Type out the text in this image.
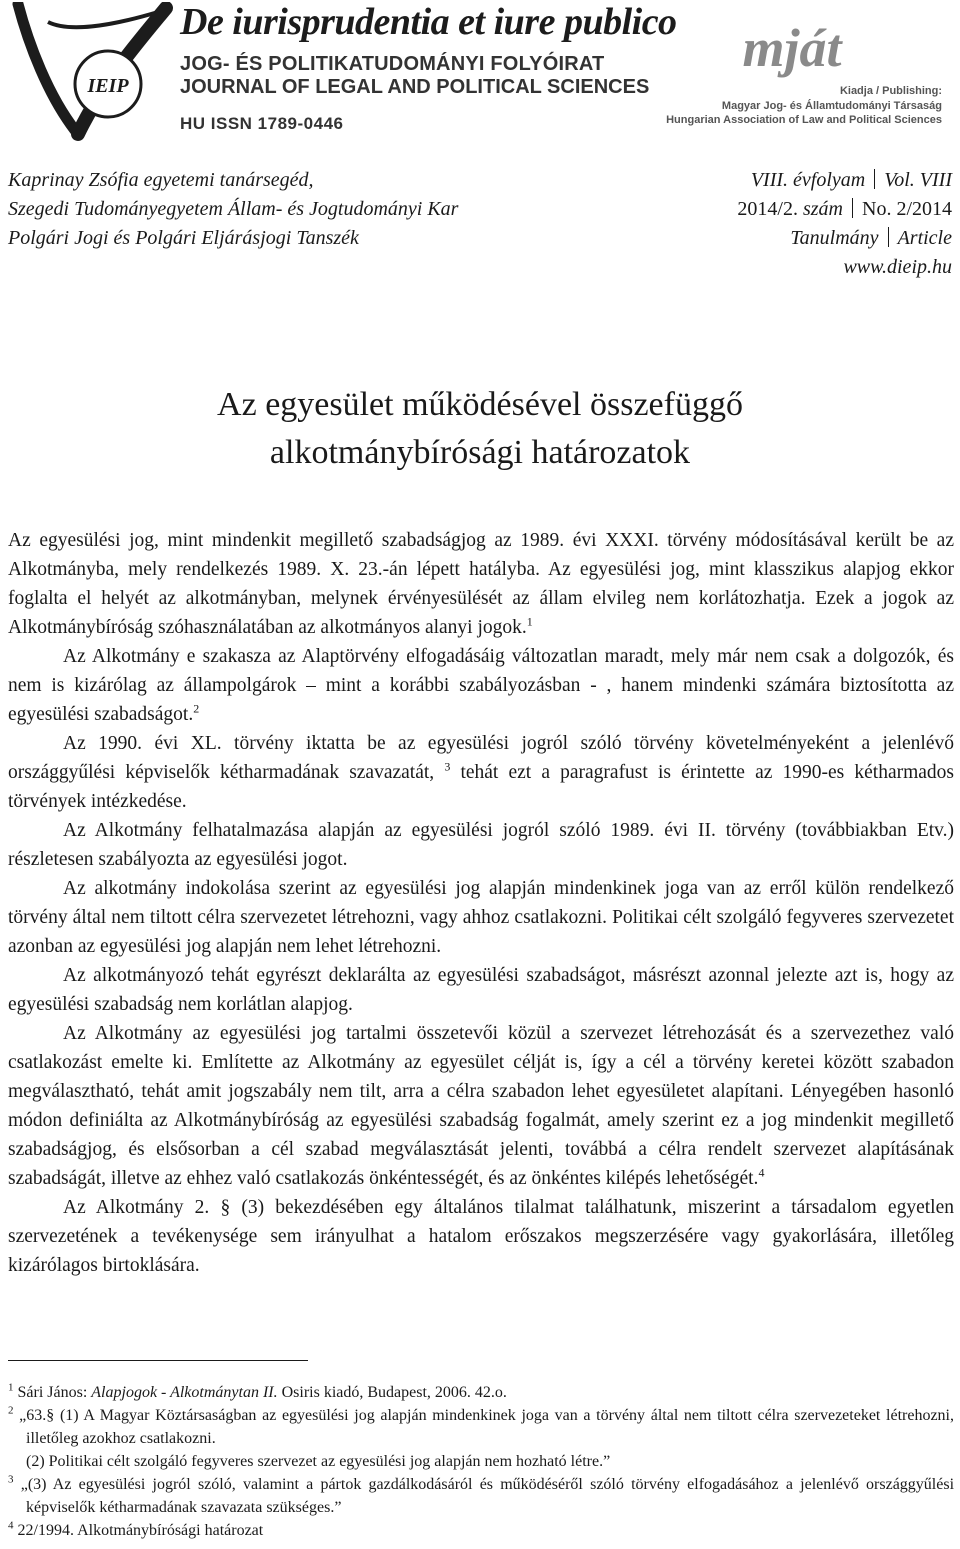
IEIP
De iurisprudentia et iure publico
JOG- ÉS POLITIKATUDOMÁNYI FOLYÓIRAT
JOURNAL OF LEGAL AND POLITICAL SCIENCES
HU ISSN 1789-0446
mját
Kiadja / Publishing:
Magyar Jog- és Államtudományi Társaság
Hungarian Association of Law and Political Sciences
Kaprinay Zsófia egyetemi tanársegéd,
Szegedi Tudományegyetem Állam- és Jogtudományi Kar
Polgári Jogi és Polgári Eljárásjogi Tanszék
VIII. évfolyam Vol. VIII
2014/2. szám No. 2/2014
Tanulmány Article
www.dieip.hu
Az egyesület működésével összefüggő
alkotmánybírósági határozatok

Az egyesülési jog, mint mindenkit megillető szabadságjog az 1989. évi XXXI. törvény módosításával került be az Alkotmányba, mely rendelkezés 1989. X. 23.-án lépett hatályba. Az egyesülési jog, mint klasszikus alapjog ekkor foglalta el helyét az alkotmányban, melynek érvényesülését az állam elvileg nem korlátozhatja. Ezek a jogok az Alkotmánybíróság szóhasználatában az alkotmányos alanyi jogok.$^1$

Az Alkotmány e szakasza az Alaptörvény elfogadásáig változatlan maradt, mely már nem csak a dolgozók, és nem is kizárólag az állampolgárok – mint a korábbi szabályozásban - , hanem mindenki számára biztosította az egyesülési szabadságot.$^2$

Az 1990. évi XL. törvény iktatta be az egyesülési jogról szóló törvény követelményeként a jelenlévő országgyűlési képviselők kétharmadának szavazatát, $^3$ tehát ezt a paragrafust is érintette az 1990-es kétharmados törvények intézkedése.

Az Alkotmány felhatalmazása alapján az egyesülési jogról szóló 1989. évi II. törvény (továbbiakban Etv.) részletesen szabályozta az egyesülési jogot.

Az alkotmány indokolása szerint az egyesülési jog alapján mindenkinek joga van az erről külön rendelkező törvény által nem tiltott célra szervezetet létrehozni, vagy ahhoz csatlakozni. Politikai célt szolgáló fegyveres szervezetet azonban az egyesülési jog alapján nem lehet létrehozni.

Az alkotmányozó tehát egyrészt deklarálta az egyesülési szabadságot, másrészt azonnal jelezte azt is, hogy az egyesülési szabadság nem korlátlan alapjog.

Az Alkotmány az egyesülési jog tartalmi összetevői közül a szervezet létrehozását és a szervezethez való csatlakozást emelte ki. Említette az Alkotmány az egyesület célját is, így a cél a törvény keretei között szabadon megválasztható, tehát amit jogszabály nem tilt, arra a célra szabadon lehet egyesületet alapítani. Lényegében hasonló módon definiálta az Alkotmánybíróság az egyesülési szabadság fogalmát, amely szerint ez a jog mindenkit megillető szabadságjog, és elsősorban a cél szabad megválasztását jelenti, továbbá a célra rendelt szervezet alapításának szabadságát, illetve az ehhez való csatlakozás önkéntességét, és az önkéntes kilépés lehetőségét.$^4$

Az Alkotmány 2. § (3) bekezdésében egy általános tilalmat találhatunk, miszerint a társadalom egyetlen szervezetének a tevékenysége sem irányulhat a hatalom erőszakos megszerzésére vagy gyakorlására, illetőleg kizárólagos birtoklására.

$^1$ Sári János: Alapjogok - Alkotmánytan II. Osiris kiadó, Budapest, 2006. 42.o.

$^2$ „63.§ (1) A Magyar Köztársaságban az egyesülési jog alapján mindenkinek joga van a törvény által nem tiltott célra szervezeteket létrehozni, illetőleg azokhoz csatlakozni.

(2) Politikai célt szolgáló fegyveres szervezet az egyesülési jog alapján nem hozható létre.”

$^3$ „(3) Az egyesülési jogról szóló, valamint a pártok gazdálkodásáról és működéséről szóló törvény elfogadásához a jelenlévő országgyűlési képviselők kétharmadának szavazata szükséges.”

$^4$ 22/1994. Alkotmánybírósági határozat
